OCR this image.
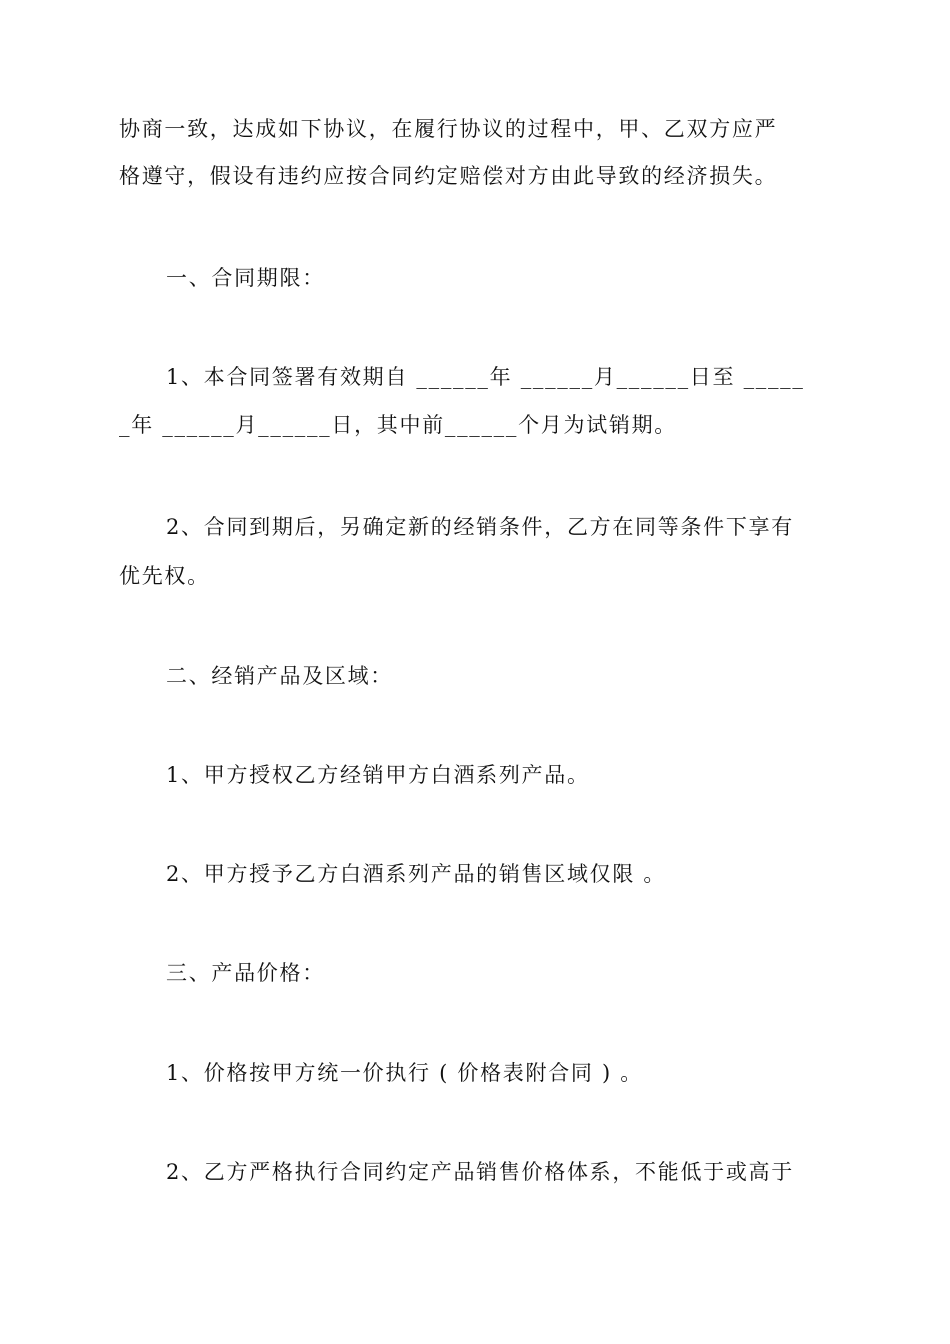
协商一致，达成如下协议，在履行协议的过程中，甲、乙双方应严
格遵守，假设有违约应按合同约定赔偿对方由此导致的经济损失。
一、合同期限：
1、本合同签署有效期自 ______年 ______月______日至 _____
_年 ______月______日，其中前______个月为试销期。
2、合同到期后，另确定新的经销条件，乙方在同等条件下享有
优先权。
二、经销产品及区域：
1、甲方授权乙方经销甲方白酒系列产品。
2、甲方授予乙方白酒系列产品的销售区域仅限 。
三、产品价格：
1、价格按甲方统一价执行 ( 价格表附合同 ) 。
2、乙方严格执行合同约定产品销售价格体系，不能低于或高于
